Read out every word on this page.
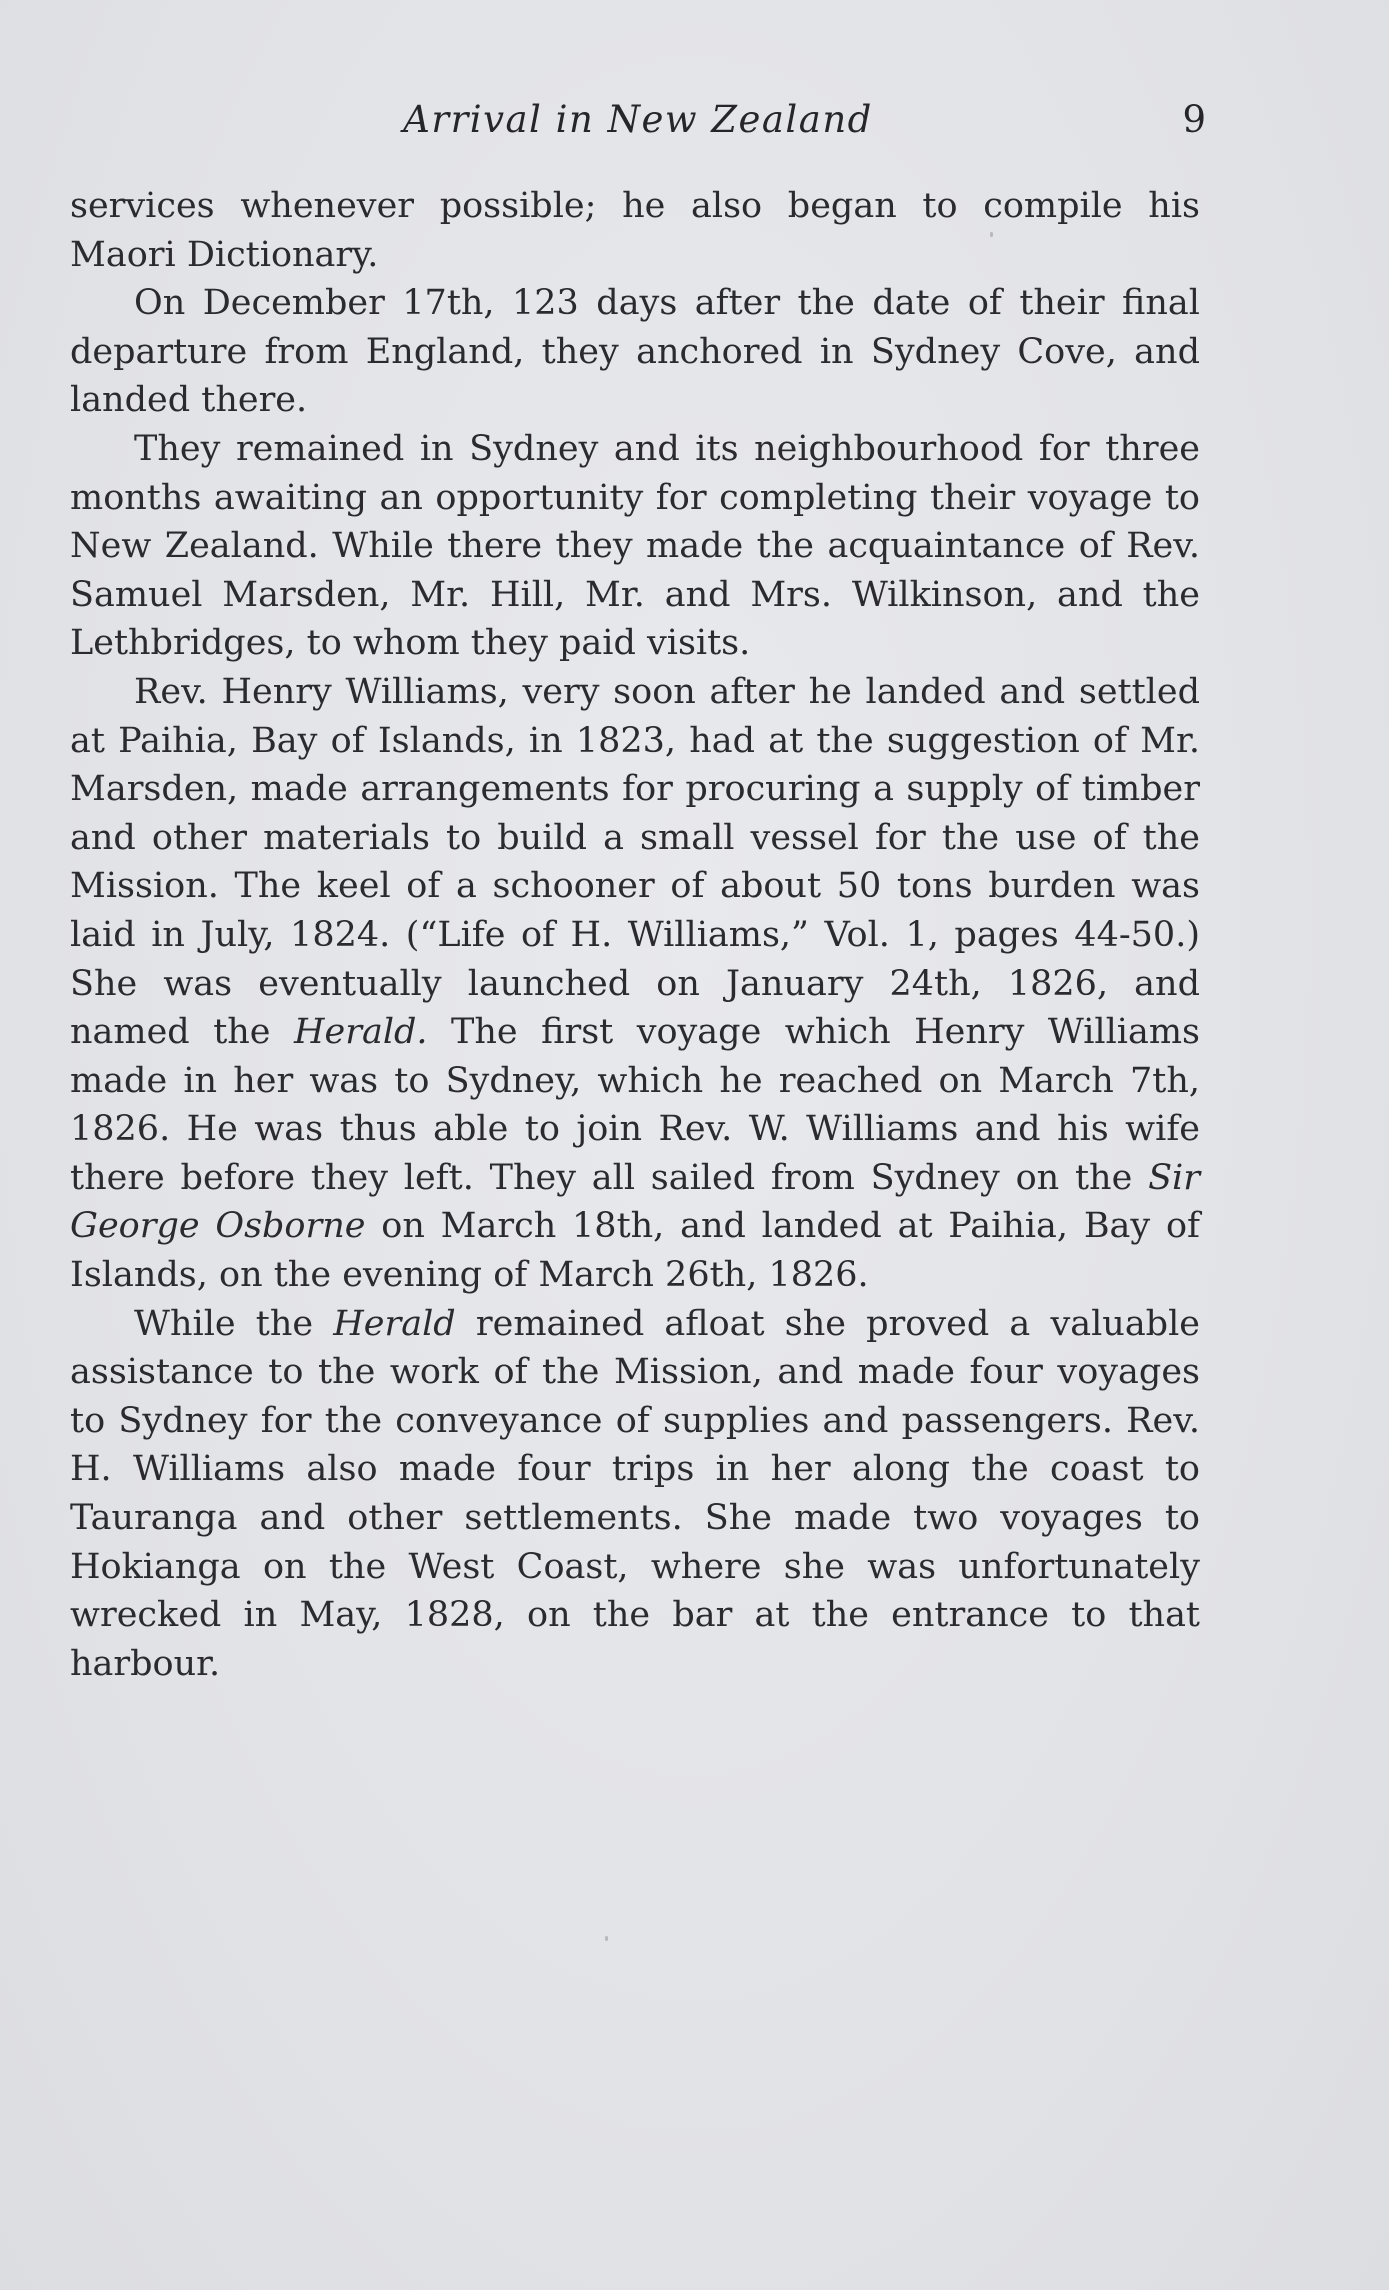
Arrival in New Zealand	9

services whenever possible; he also began to compile his Maori Dictionary.

On December 17th, 123 days after the date of their final departure from England, they anchored in Sydney Cove, and landed there.

They remained in Sydney and its neighbourhood for three months awaiting an opportunity for completing their voyage to New Zealand. While there they made the acquaintance of Rev. Samuel Marsden, Mr. Hill, Mr. and Mrs. Wilkinson, and the Lethbridges, to whom they paid visits.

Rev. Henry Williams, very soon after he landed and settled at Paihia, Bay of Islands, in 1823, had at the suggestion of Mr. Marsden, made arrangements for procuring a supply of timber and other materials to build a small vessel for the use of the Mission. The keel of a schooner of about 50 tons burden was laid in July, 1824. (“Life of H. Williams,” Vol. 1, pages 44-50.) She was eventually launched on January 24th, 1826, and named the Herald. The first voyage which Henry Williams made in her was to Sydney, which he reached on March 7th, 1826. He was thus able to join Rev. W. Williams and his wife there before they left. They all sailed from Sydney on the Sir George Osborne on March 18th, and landed at Paihia, Bay of Islands, on the evening of March 26th, 1826.

While the Herald remained afloat she proved a valuable assistance to the work of the Mission, and made four voyages to Sydney for the conveyance of supplies and passengers. Rev. H. Williams also made four trips in her along the coast to Tauranga and other settlements. She made two voyages to Hokianga on the West Coast, where she was unfortunately wrecked in May, 1828, on the bar at the entrance to that harbour.
